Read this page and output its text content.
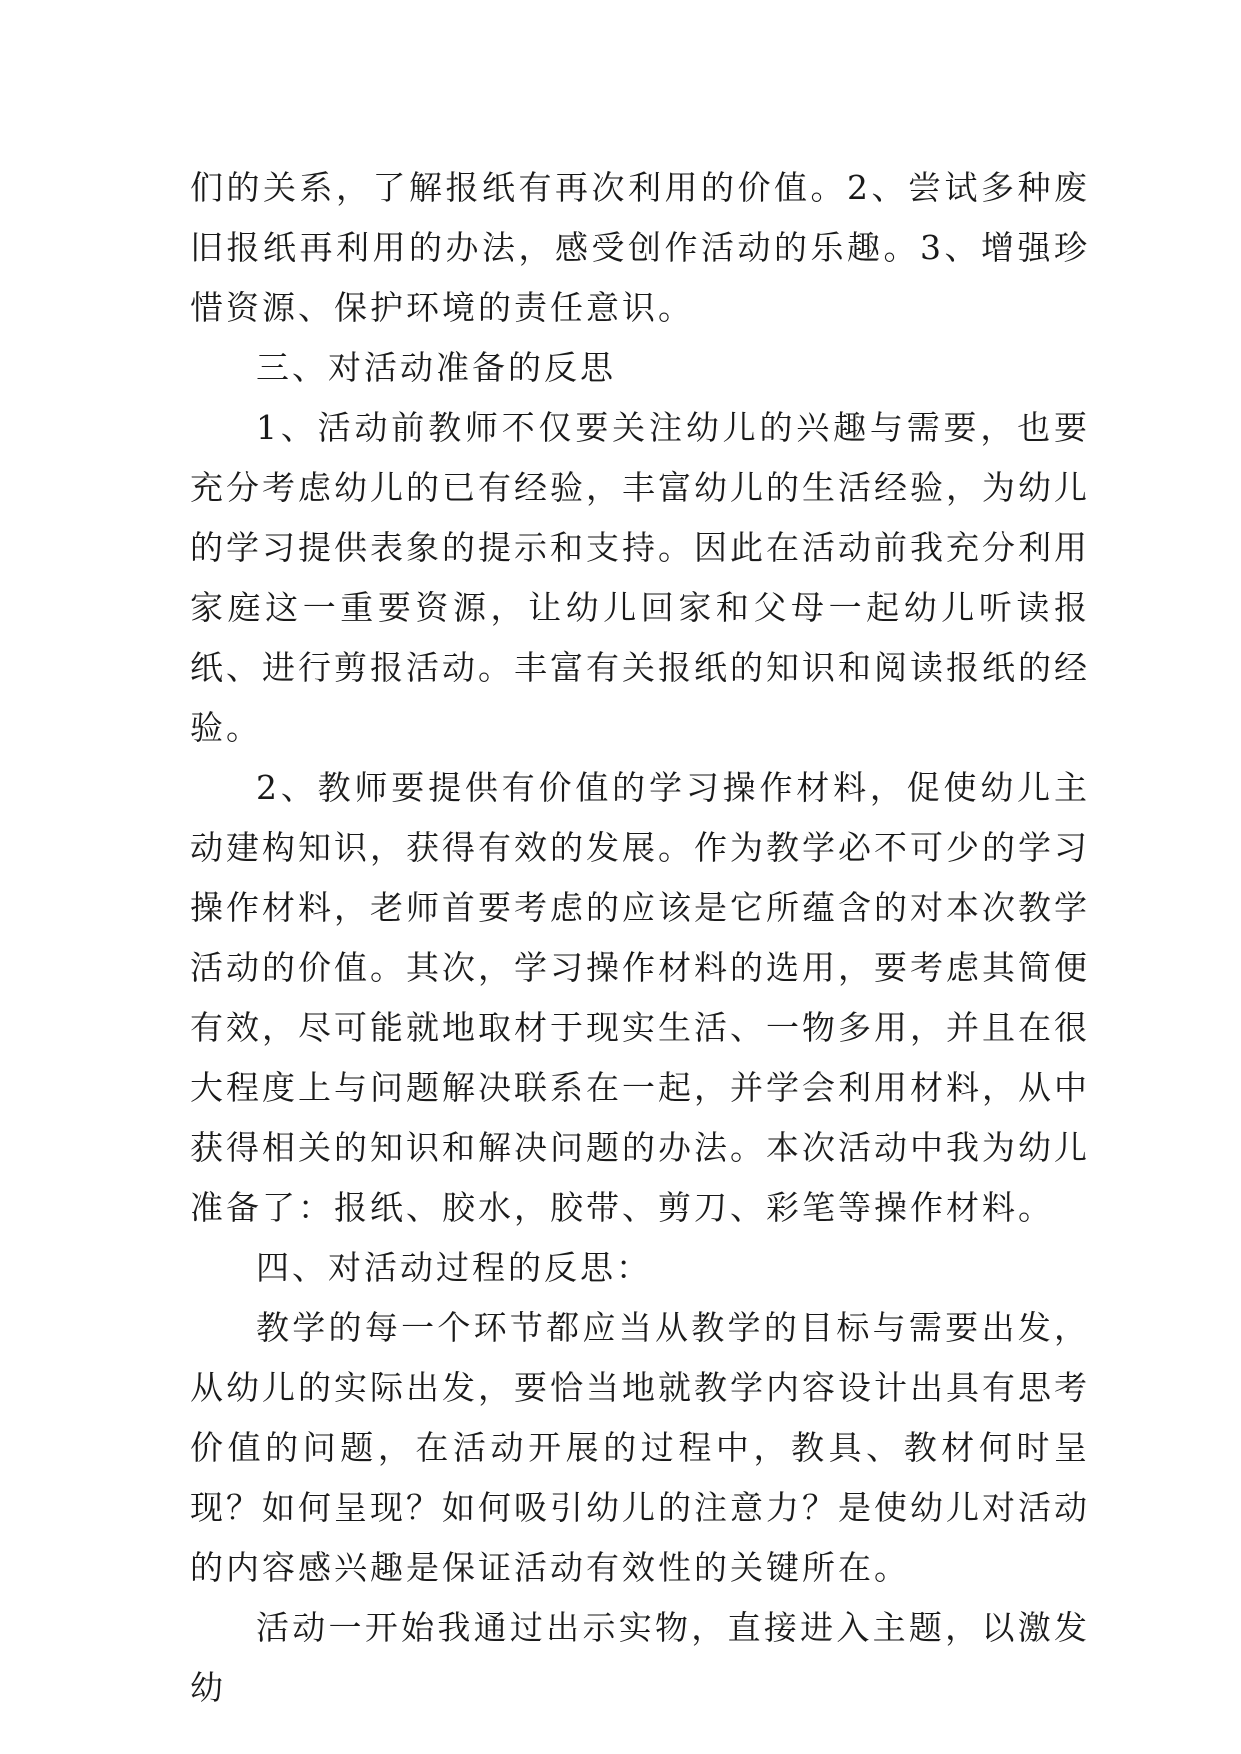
们的关系，了解报纸有再次利用的价值。2、尝试多种废旧报纸再利用的办法，感受创作活动的乐趣。3、增强珍惜资源、保护环境的责任意识。

三、对活动准备的反思

1、活动前教师不仅要关注幼儿的兴趣与需要，也要充分考虑幼儿的已有经验，丰富幼儿的生活经验，为幼儿的学习提供表象的提示和支持。因此在活动前我充分利用家庭这一重要资源，让幼儿回家和父母一起幼儿听读报纸、进行剪报活动。丰富有关报纸的知识和阅读报纸的经验。

2、教师要提供有价值的学习操作材料，促使幼儿主动建构知识，获得有效的发展。作为教学必不可少的学习操作材料，老师首要考虑的应该是它所蕴含的对本次教学活动的价值。其次，学习操作材料的选用，要考虑其简便有效，尽可能就地取材于现实生活、一物多用，并且在很大程度上与问题解决联系在一起，并学会利用材料，从中获得相关的知识和解决问题的办法。本次活动中我为幼儿准备了：报纸、胶水，胶带、剪刀、彩笔等操作材料。

四、对活动过程的反思：

教学的每一个环节都应当从教学的目标与需要出发，从幼儿的实际出发，要恰当地就教学内容设计出具有思考价值的问题，在活动开展的过程中，教具、教材何时呈现？如何呈现？如何吸引幼儿的注意力？是使幼儿对活动的内容感兴趣是保证活动有效性的关键所在。

活动一开始我通过出示实物，直接进入主题，以激发幼
